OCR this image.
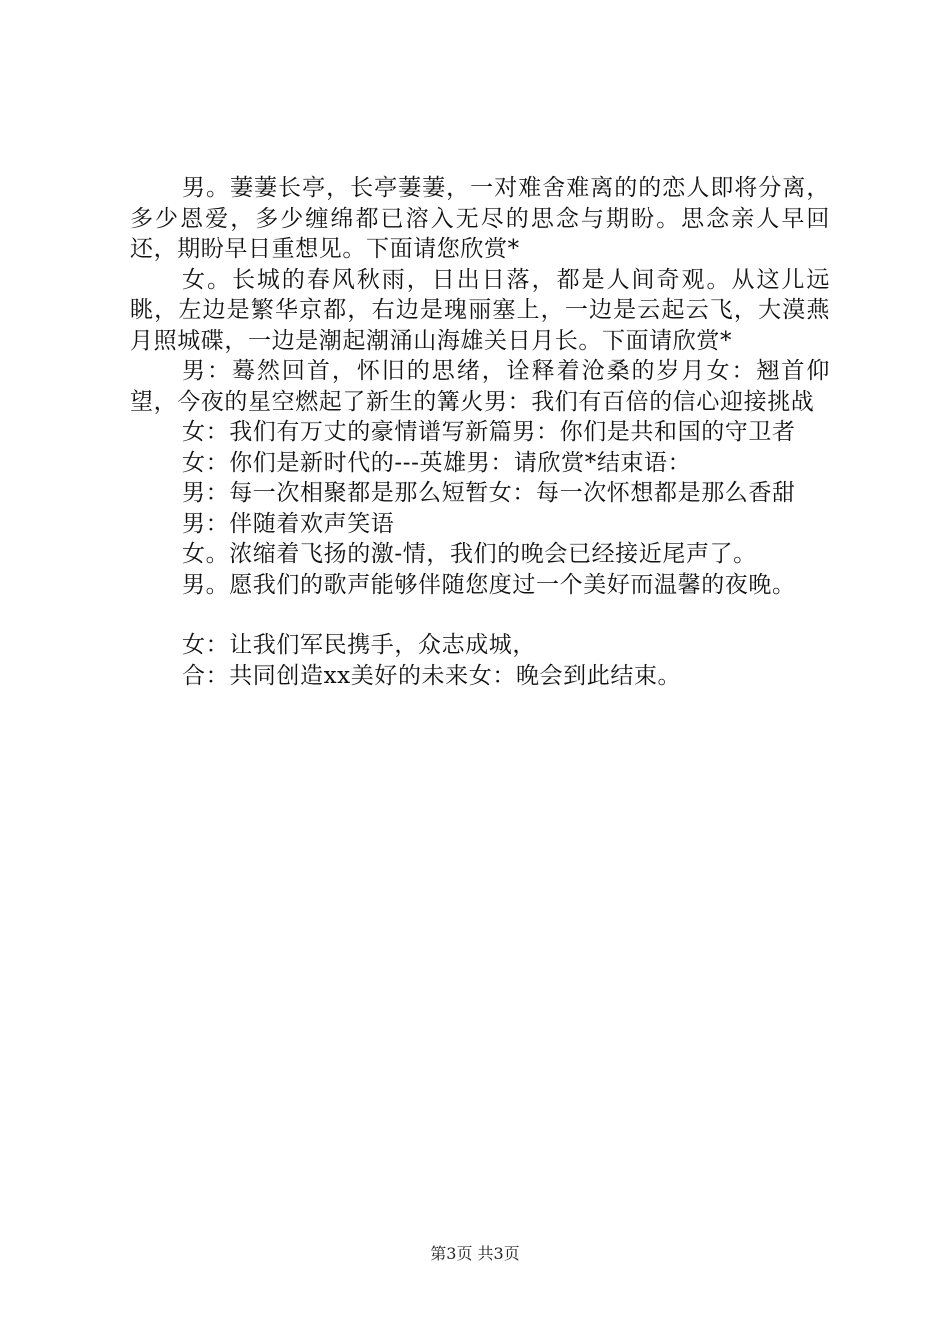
男。萋萋长亭，长亭萋萋，一对难舍难离的的恋人即将分离，多少恩爱，多少缠绵都已溶入无尽的思念与期盼。思念亲人早回还，期盼早日重想见。下面请您欣赏*

女。长城的春风秋雨，日出日落，都是人间奇观。从这儿远眺，左边是繁华京都，右边是瑰丽塞上，一边是云起云飞，大漠燕月照城碟，一边是潮起潮涌山海雄关日月长。下面请欣赏*

男：蓦然回首，怀旧的思绪，诠释着沧桑的岁月女：翘首仰望，今夜的星空燃起了新生的篝火男：我们有百倍的信心迎接挑战

女：我们有万丈的豪情谱写新篇男：你们是共和国的守卫者

女：你们是新时代的---英雄男：请欣赏*结束语：

男：每一次相聚都是那么短暂女：每一次怀想都是那么香甜

男：伴随着欢声笑语

女。浓缩着飞扬的激-情，我们的晚会已经接近尾声了。

男。愿我们的歌声能够伴随您度过一个美好而温馨的夜晚。

女：让我们军民携手，众志成城，

合：共同创造xx美好的未来女：晚会到此结束。

第3页 共3页
